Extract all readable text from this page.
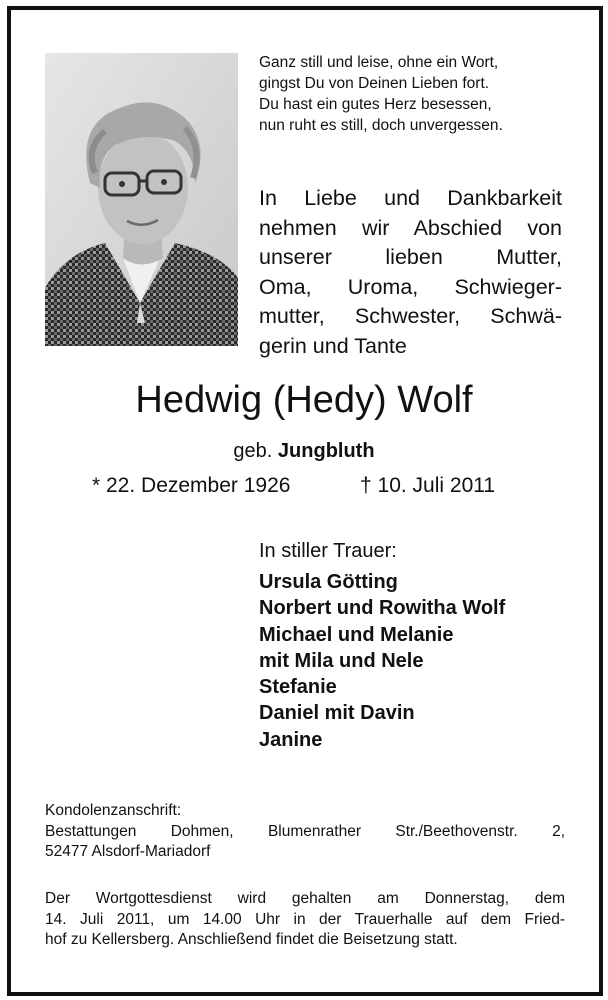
Ganz still und leise, ohne ein Wort,
gingst Du von Deinen Lieben fort.
Du hast ein gutes Herz besessen,
nun ruht es still, doch unvergessen.
In Liebe und Dankbarkeit
nehmen wir Abschied von
unserer lieben Mutter,
Oma, Uroma, Schwieger-
mutter, Schwester, Schwä-
gerin und Tante
Hedwig (Hedy) Wolf
geb. Jungbluth
* 22. Dezember 1926	† 10. Juli 2011
In stiller Trauer:
Ursula Götting
Norbert und Rowitha Wolf
Michael und Melanie
mit Mila und Nele
Stefanie
Daniel mit Davin
Janine
Kondolenzanschrift:
Bestattungen Dohmen, Blumenrather Str./Beethovenstr. 2,
52477 Alsdorf-Mariadorf
Der Wortgottesdienst wird gehalten am Donnerstag, dem
14. Juli 2011, um 14.00 Uhr in der Trauerhalle auf dem Fried-
hof zu Kellersberg. Anschließend findet die Beisetzung statt.
